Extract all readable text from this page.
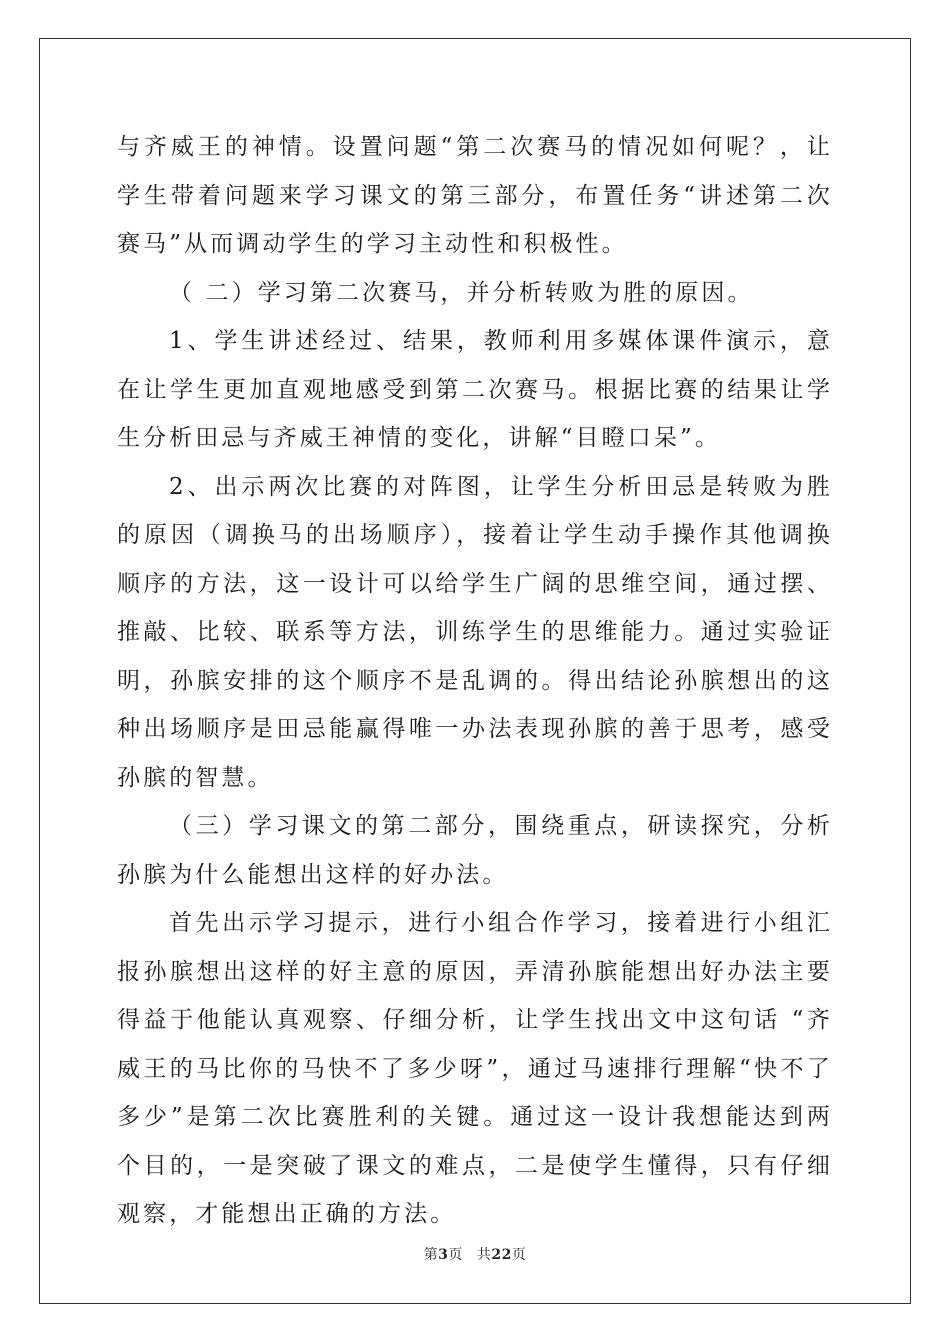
与齐威王的神情。设置问题“第二次赛马的情况如何呢？，让学生带着问题来学习课文的第三部分，布置任务“讲述第二次赛马”从而调动学生的学习主动性和积极性。

（ 二）学习第二次赛马，并分析转败为胜的原因。

1、学生讲述经过、结果，教师利用多媒体课件演示，意在让学生更加直观地感受到第二次赛马。根据比赛的结果让学生分析田忌与齐威王神情的变化，讲解“目瞪口呆”。

2、出示两次比赛的对阵图，让学生分析田忌是转败为胜的原因（调换马的出场顺序），接着让学生动手操作其他调换顺序的方法，这一设计可以给学生广阔的思维空间，通过摆、推敲、比较、联系等方法，训练学生的思维能力。通过实验证明，孙膑安排的这个顺序不是乱调的。得出结论孙膑想出的这种出场顺序是田忌能赢得唯一办法表现孙膑的善于思考，感受孙膑的智慧。

（三）学习课文的第二部分，围绕重点，研读探究，分析孙膑为什么能想出这样的好办法。

首先出示学习提示，进行小组合作学习，接着进行小组汇报孙膑想出这样的好主意的原因，弄清孙膑能想出好办法主要得益于他能认真观察、仔细分析，让学生找出文中这句话 “齐威王的马比你的马快不了多少呀”，通过马速排行理解“快不了多少”是第二次比赛胜利的关键。通过这一设计我想能达到两个目的，一是突破了课文的难点，二是使学生懂得，只有仔细观察，才能想出正确的方法。

第3页 共22页
